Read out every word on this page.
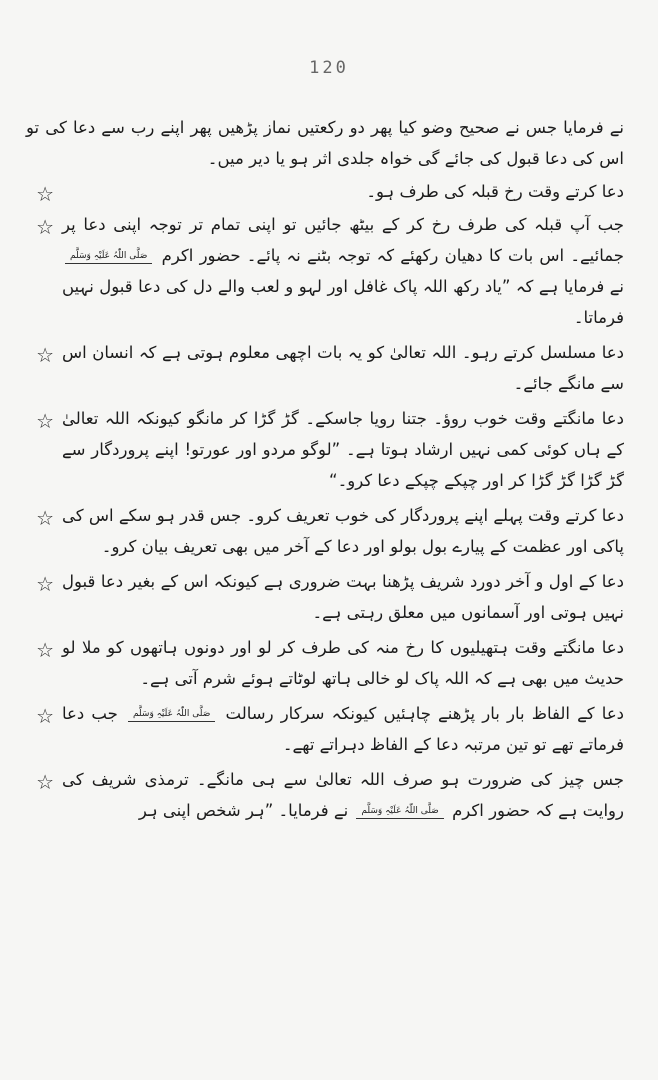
120

نے فرمایا جس نے صحیح وضو کیا پھر دو رکعتیں نماز پڑھیں پھر اپنے رب سے دعا کی تو اس کی دعا قبول کی جائے گی خواہ جلدی اثر ہو یا دیر میں۔

☆	دعا کرتے وقت رخ قبلہ کی طرف ہو۔

☆ جب آپ قبلہ کی طرف رخ کر کے بیٹھ جائیں تو اپنی تمام تر توجہ اپنی دعا پر جمائیے۔ اس بات کا دھیان رکھئے کہ توجہ بٹنے نہ پائے۔ حضور اکرم صَلَّی اللّٰہُ عَلَیْہِ وَسَلَّم نے فرمایا ہے کہ ”یاد رکھ اللہ پاک غافل اور لہو و لعب والے دل کی دعا قبول نہیں فرماتا۔

☆ دعا مسلسل کرتے رہو۔ اللہ تعالیٰ کو یہ بات اچھی معلوم ہوتی ہے کہ انسان اس سے مانگے جائے۔

☆ دعا مانگتے وقت خوب روؤ۔ جتنا رویا جاسکے۔ گڑ گڑا کر مانگو کیونکہ اللہ تعالیٰ کے ہاں کوئی کمی نہیں ارشاد ہوتا ہے۔ ”لوگو مردو اور عورتو! اپنے پروردگار سے گڑ گڑا گڑ گڑا کر اور چپکے چپکے دعا کرو۔“

☆ دعا کرتے وقت پہلے اپنے پروردگار کی خوب تعریف کرو۔ جس قدر ہو سکے اس کی پاکی اور عظمت کے پیارے بول بولو اور دعا کے آخر میں بھی تعریف بیان کرو۔

☆ دعا کے اول و آخر دورد شریف پڑھنا بہت ضروری ہے کیونکہ اس کے بغیر دعا قبول نہیں ہوتی اور آسمانوں میں معلق رہتی ہے۔

☆ دعا مانگتے وقت ہتھیلیوں کا رخ منہ کی طرف کر لو اور دونوں ہاتھوں کو ملا لو حدیث میں بھی ہے کہ اللہ پاک لو خالی ہاتھ لوٹاتے ہوئے شرم آتی ہے۔

☆	دعا کے الفاظ بار بار پڑھنے چاہئیں کیونکہ سرکار رسالت صَلَّی اللّٰہُ عَلَیْہِ وَسَلَّم جب دعا فرماتے تھے تو تین مرتبہ دعا کے الفاظ دہراتے تھے۔

☆ جس چیز کی ضرورت ہو صرف اللہ تعالیٰ سے ہی مانگے۔ ترمذی شریف کی روایت ہے کہ حضور اکرم صَلَّی اللّٰہُ عَلَیْہِ وَسَلَّم نے فرمایا۔ ”ہر شخص اپنی ہر
